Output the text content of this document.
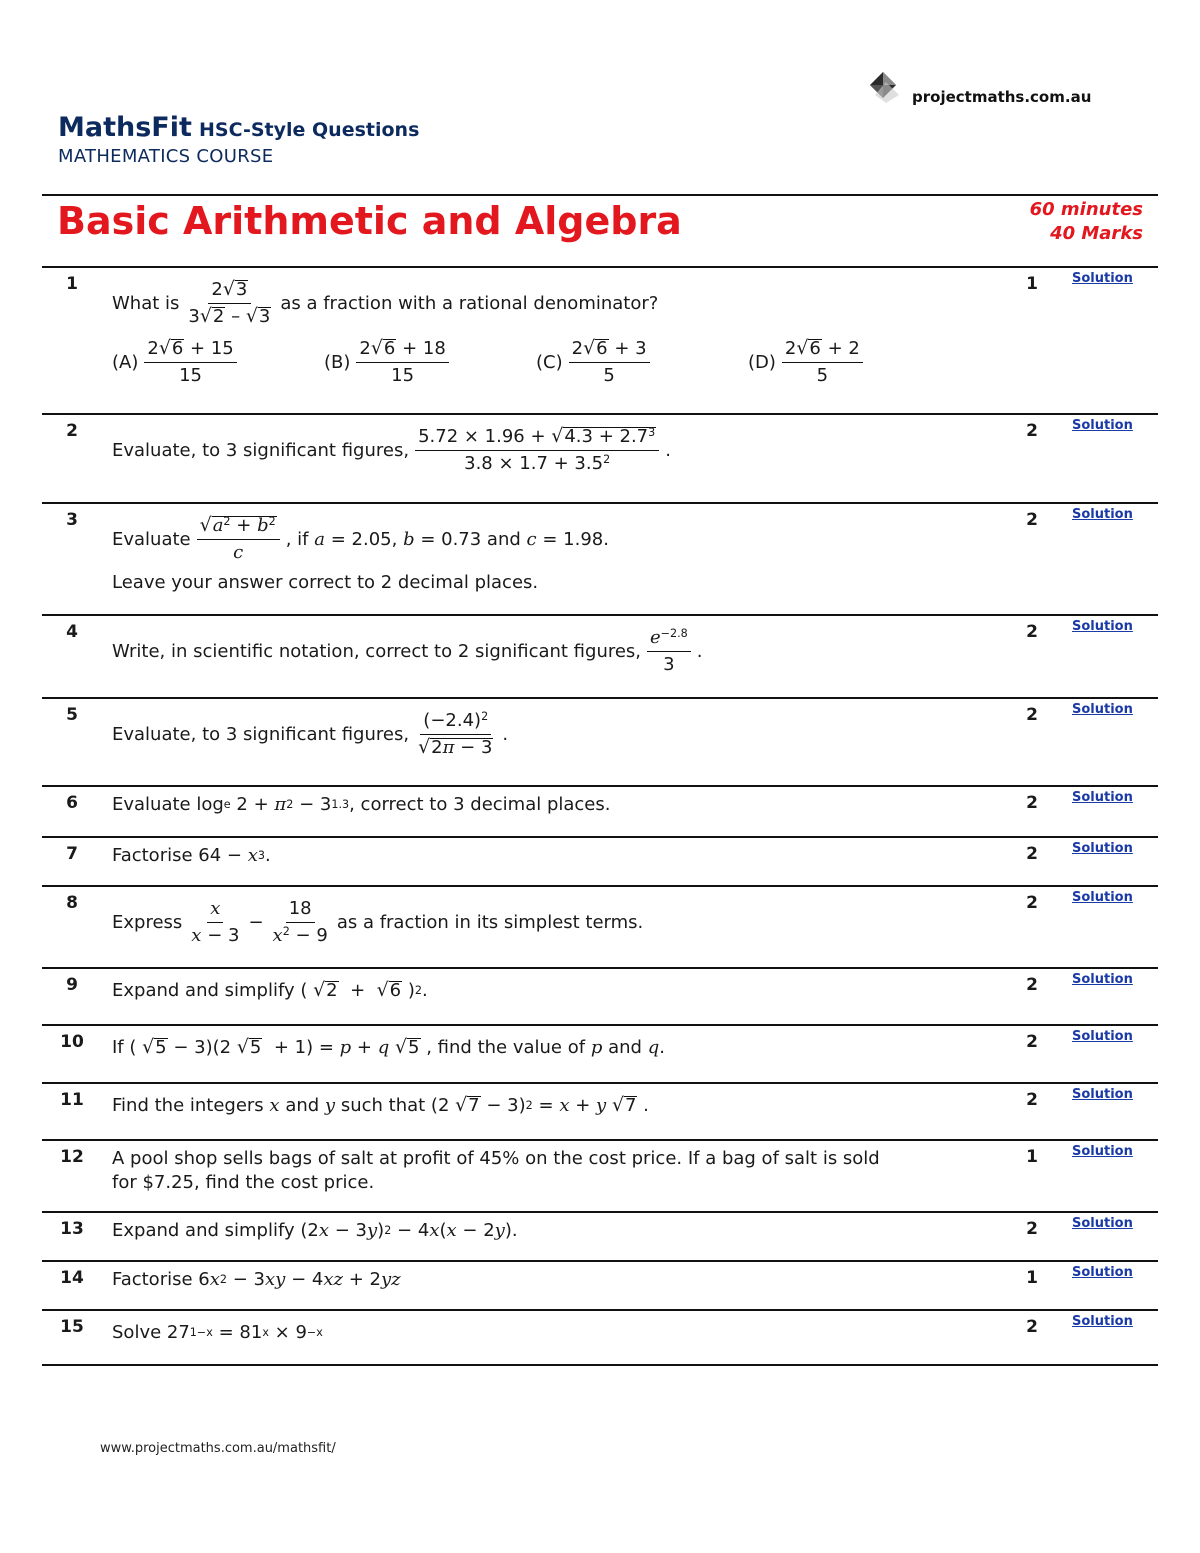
projectmaths.com.au
MathsFit HSC-Style Questions
MATHEMATICS COURSE
Basic Arithmetic and Algebra	60 minutes
40 Marks
1
What is $\frac{2 √ 3}{3 √ 2 - √ 3}$ as a fraction with a rational denominator?
$(A) \frac{2 √ 6 + 15}{15}$	$(B) \frac{2 √ 6 + 18}{15}$	$(C) \frac{2 √ 6 + 3}{5}$	$(D) \frac{2 √ 6 + 2}{5}$
1	Solution
2
Evaluate, to 3 significant figures, $\frac{5.72 \times 1.96 + √ 4.3 + 2.7^3}{3.8 \times 1.7 + 3.5^2}$ .
2	Solution
3
Evaluate $\frac{√ a^2 + b^2}{c}$ , if
a
= 2.05,
b
= 0.73 and
c
= 1.98.
Leave your answer correct to 2 decimal places.
2	Solution
4
Write, in scientific notation, correct to 2 significant figures, $\frac{e^{-2.8}}{3}$ .
2	Solution
5
Evaluate, to 3 significant figures, $\frac{(-2.4)^2}{√ 2\pi - 3}$ .
2	Solution
6	Evaluate log e
2 +
π 2
− 3 1.3 , correct to 3 decimal places.	2	Solution
7	Factorise 64 −
x 3 .	2	Solution
8
Express $\frac{x}{x - 3} - \frac{18}{x^2 - 9}$ as a fraction in its simplest terms.
2	Solution
9	Expand and simplify (
√ 2
+
√ 6
) 2 .	2	Solution
10 If (
√ 5
− 3)(2
√ 5
+ 1) =
p
+
q
√ 5
, find the value of
p
and
q .	2	Solution
11 Find the integers
x
and
y
such that (2
√ 7
− 3) 2
=
x
+
y
√ 7
.	2	Solution
12 A pool shop sells bags of salt at profit of 45% on the cost price. If a bag of salt is sold
for $7.25, find the cost price.
1	Solution
13 Expand and simplify (2 x
− 3 y ) 2
− 4 x ( x
− 2 y ).	2	Solution
14 Factorise 6 x 2
− 3 xy
− 4 xz
+ 2 yz	1	Solution
15 Solve 27 1−x
= 81 x
× 9 −x	2	Solution
www.projectmaths.com.au/mathsfit/
